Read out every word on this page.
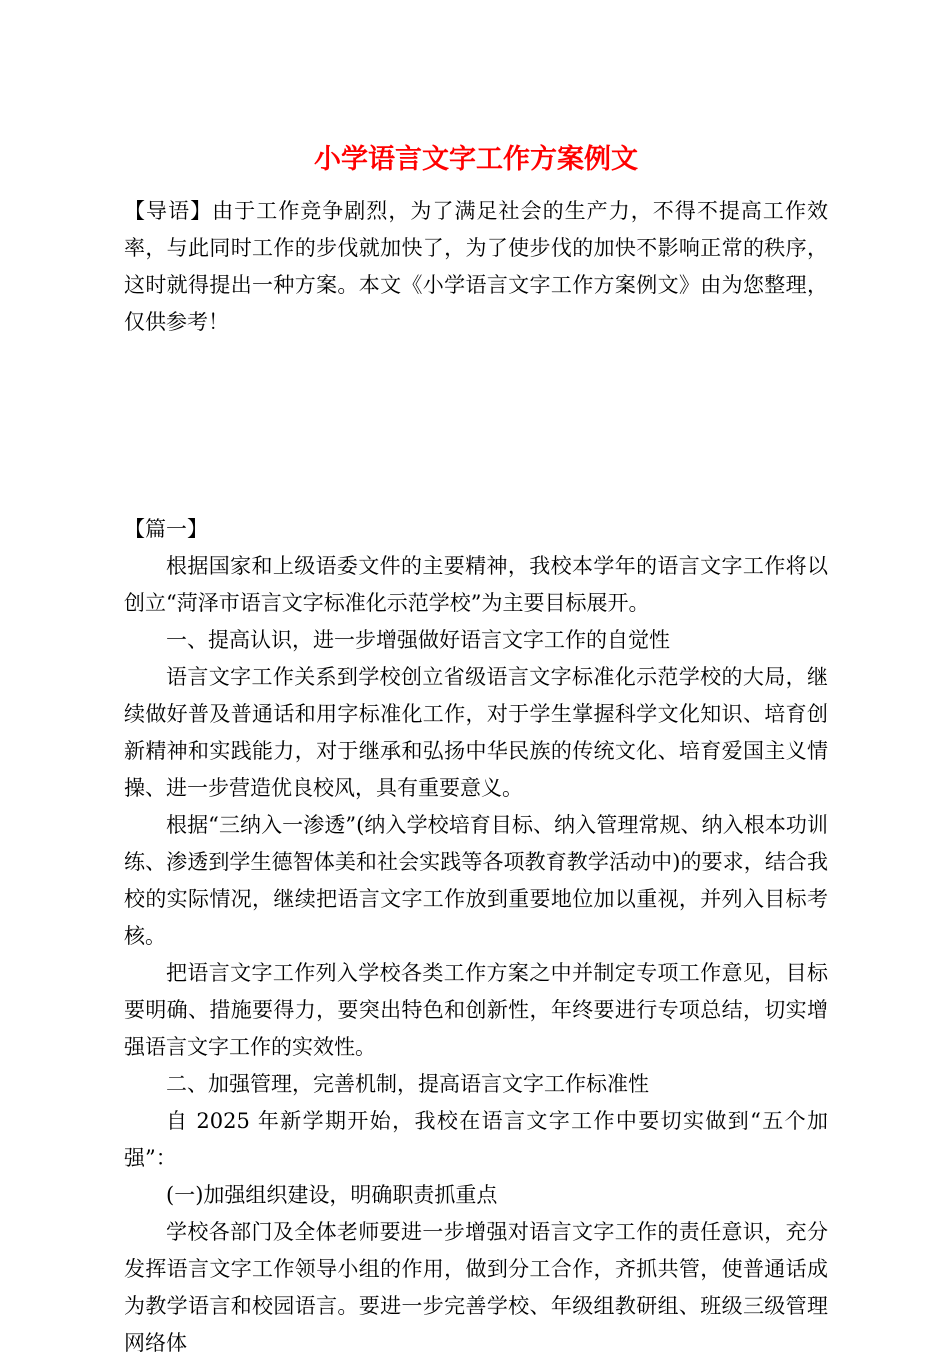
小学语言文字工作方案例文

【导语】由于工作竞争剧烈，为了满足社会的生产力，不得不提高工作效率，与此同时工作的步伐就加快了，为了使步伐的加快不影响正常的秩序，这时就得提出一种方案。本文《小学语言文字工作方案例文》由为您整理，仅供参考！

【篇一】

根据国家和上级语委文件的主要精神，我校本学年的语言文字工作将以创立“菏泽市语言文字标准化示范学校”为主要目标展开。

一、提高认识，进一步增强做好语言文字工作的自觉性

语言文字工作关系到学校创立省级语言文字标准化示范学校的大局，继续做好普及普通话和用字标准化工作，对于学生掌握科学文化知识、培育创新精神和实践能力，对于继承和弘扬中华民族的传统文化、培育爱国主义情操、进一步营造优良校风，具有重要意义。

根据“三纳入一渗透”(纳入学校培育目标、纳入管理常规、纳入根本功训练、渗透到学生德智体美和社会实践等各项教育教学活动中)的要求，结合我校的实际情况，继续把语言文字工作放到重要地位加以重视，并列入目标考核。

把语言文字工作列入学校各类工作方案之中并制定专项工作意见，目标要明确、措施要得力，要突出特色和创新性，年终要进行专项总结，切实增强语言文字工作的实效性。

二、加强管理，完善机制，提高语言文字工作标准性

自 2025 年新学期开始，我校在语言文字工作中要切实做到“五个加强”：

(一)加强组织建设，明确职责抓重点

学校各部门及全体老师要进一步增强对语言文字工作的责任意识，充分发挥语言文字工作领导小组的作用，做到分工合作，齐抓共管，使普通话成为教学语言和校园语言。要进一步完善学校、年级组教研组、班级三级管理网络体
